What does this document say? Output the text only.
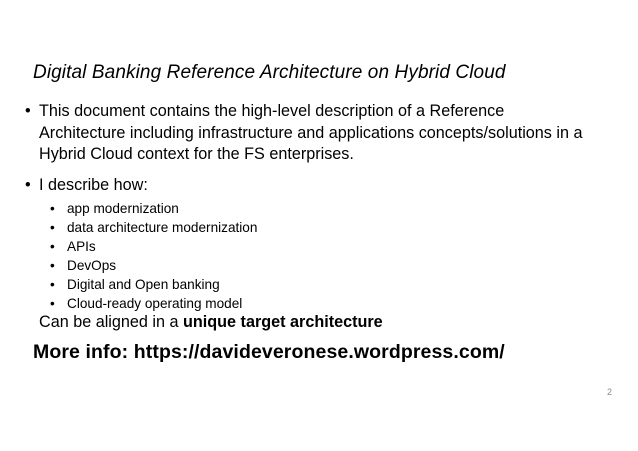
Digital Banking Reference Architecture on Hybrid Cloud
• This document contains the high-level description of a Reference Architecture including infrastructure and applications concepts/solutions in a Hybrid Cloud context for the FS enterprises.
• I describe how:
• app modernization
• data architecture modernization
• APIs
• DevOps
• Digital and Open banking
• Cloud-ready operating model
Can be aligned in a unique target architecture
More info: https://davideveronese.wordpress.com/
2
